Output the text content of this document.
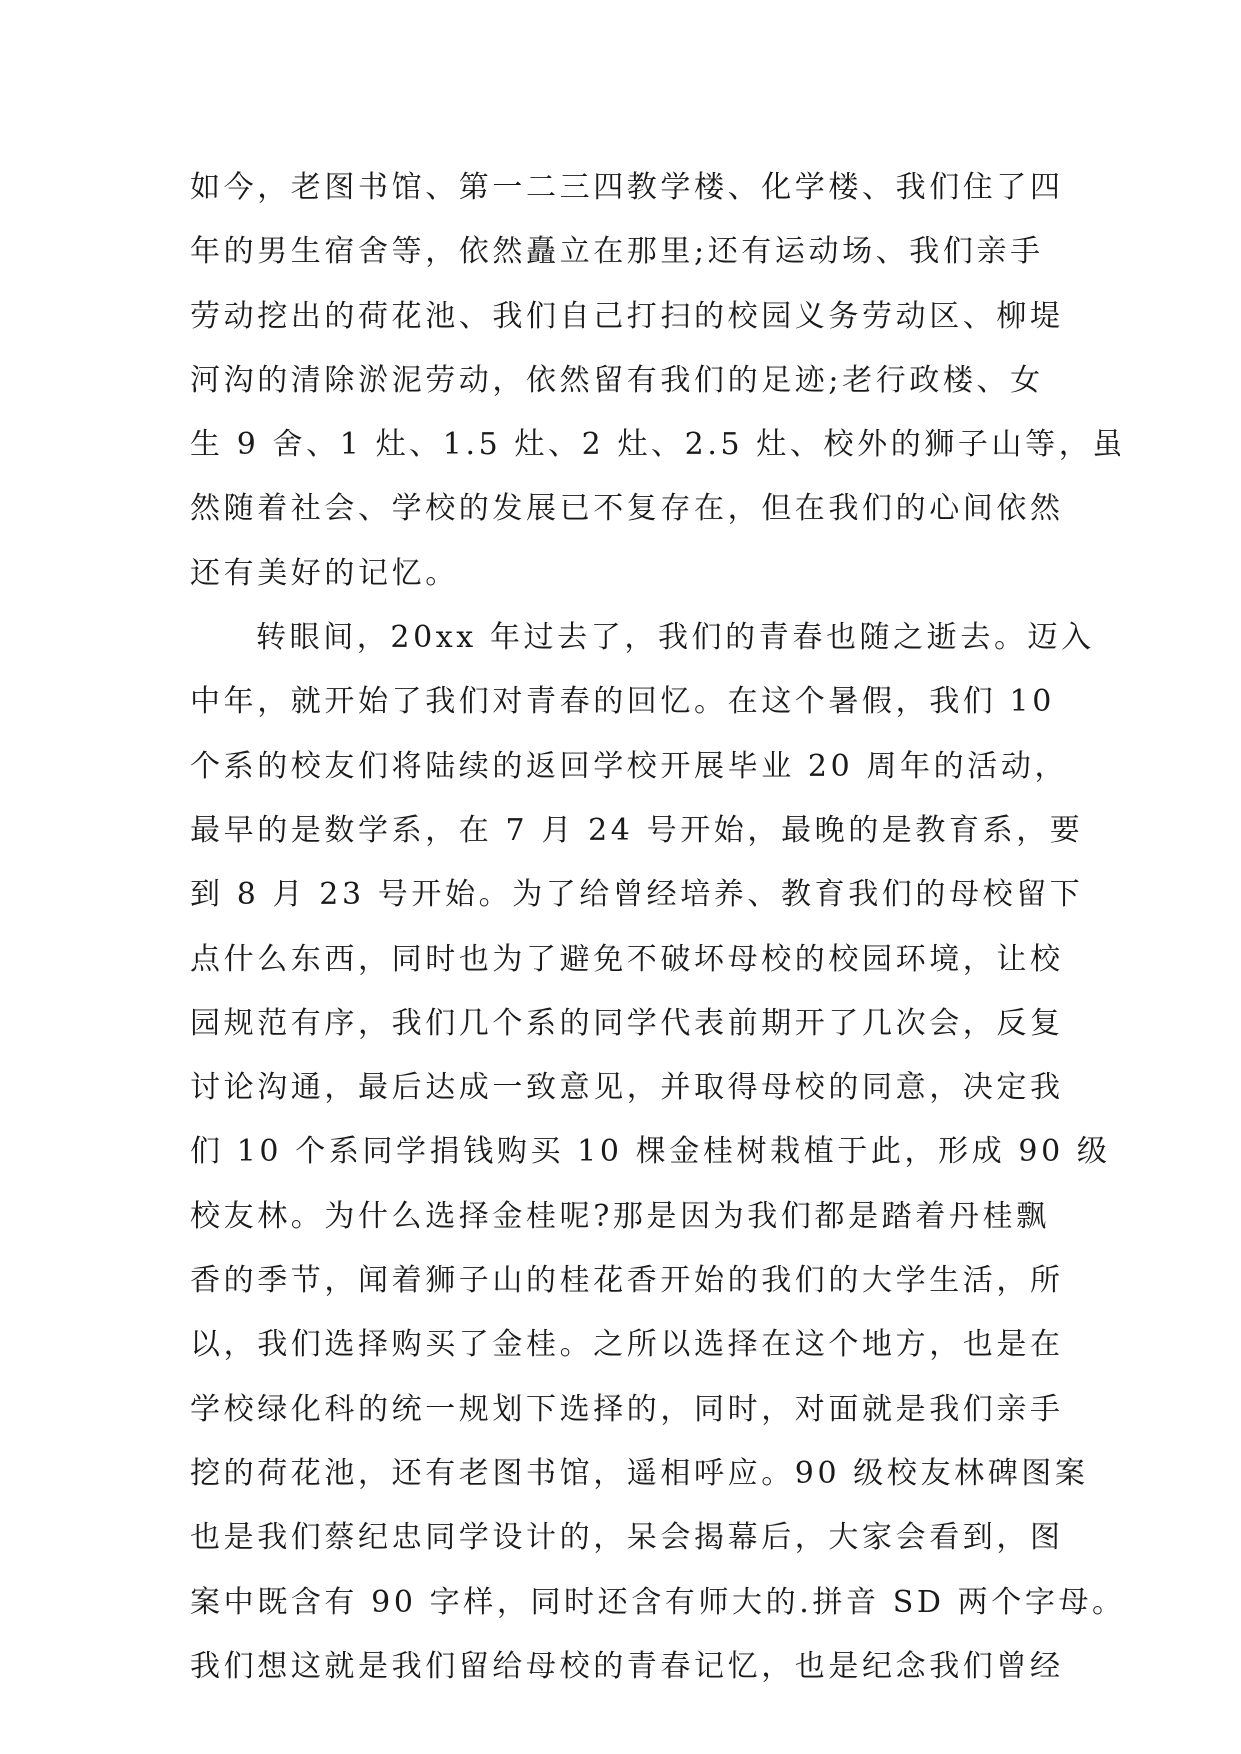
如今，老图书馆、第一二三四教学楼、化学楼、我们住了四
年的男生宿舍等，依然矗立在那里;还有运动场、我们亲手
劳动挖出的荷花池、我们自己打扫的校园义务劳动区、柳堤
河沟的清除淤泥劳动，依然留有我们的足迹;老行政楼、女
生 9 舍、1 灶、1.5 灶、2 灶、2.5 灶、校外的狮子山等，虽
然随着社会、学校的发展已不复存在，但在我们的心间依然
还有美好的记忆。
转眼间，20xx 年过去了，我们的青春也随之逝去。迈入
中年，就开始了我们对青春的回忆。在这个暑假，我们 10
个系的校友们将陆续的返回学校开展毕业 20 周年的活动，
最早的是数学系，在 7 月 24 号开始，最晚的是教育系，要
到 8 月 23 号开始。为了给曾经培养、教育我们的母校留下
点什么东西，同时也为了避免不破坏母校的校园环境，让校
园规范有序，我们几个系的同学代表前期开了几次会，反复
讨论沟通，最后达成一致意见，并取得母校的同意，决定我
们 10 个系同学捐钱购买 10 棵金桂树栽植于此，形成 90 级
校友林。为什么选择金桂呢?那是因为我们都是踏着丹桂飘
香的季节，闻着狮子山的桂花香开始的我们的大学生活，所
以，我们选择购买了金桂。之所以选择在这个地方，也是在
学校绿化科的统一规划下选择的，同时，对面就是我们亲手
挖的荷花池，还有老图书馆，遥相呼应。90 级校友林碑图案
也是我们蔡纪忠同学设计的，呆会揭幕后，大家会看到，图
案中既含有 90 字样，同时还含有师大的.拼音 SD 两个字母。
我们想这就是我们留给母校的青春记忆，也是纪念我们曾经
